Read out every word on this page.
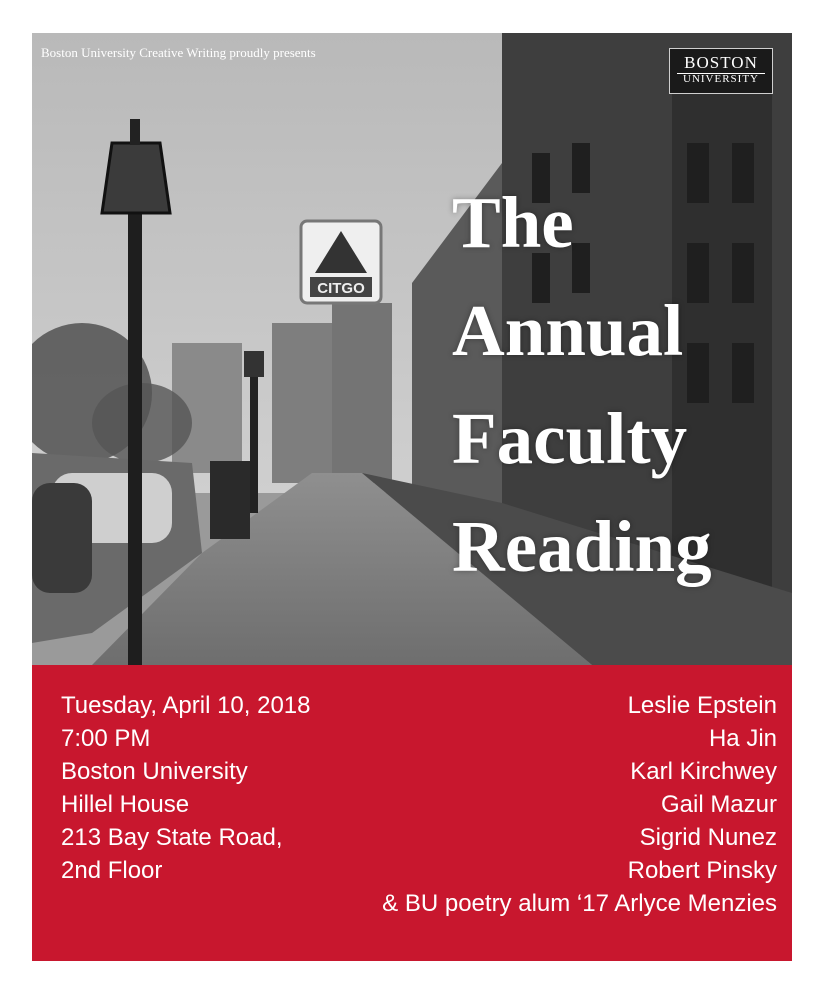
CITGO
Boston University Creative Writing proudly presents
BOSTON
UNIVERSITY
The
Annual
Faculty
Reading
Tuesday, April 10, 2018
7:00 PM
Boston University
Hillel House
213 Bay State Road,
2nd Floor
Leslie Epstein
Ha Jin
Karl Kirchwey
Gail Mazur
Sigrid Nunez
Robert Pinsky
& BU poetry alum ‘17 Arlyce Menzies
